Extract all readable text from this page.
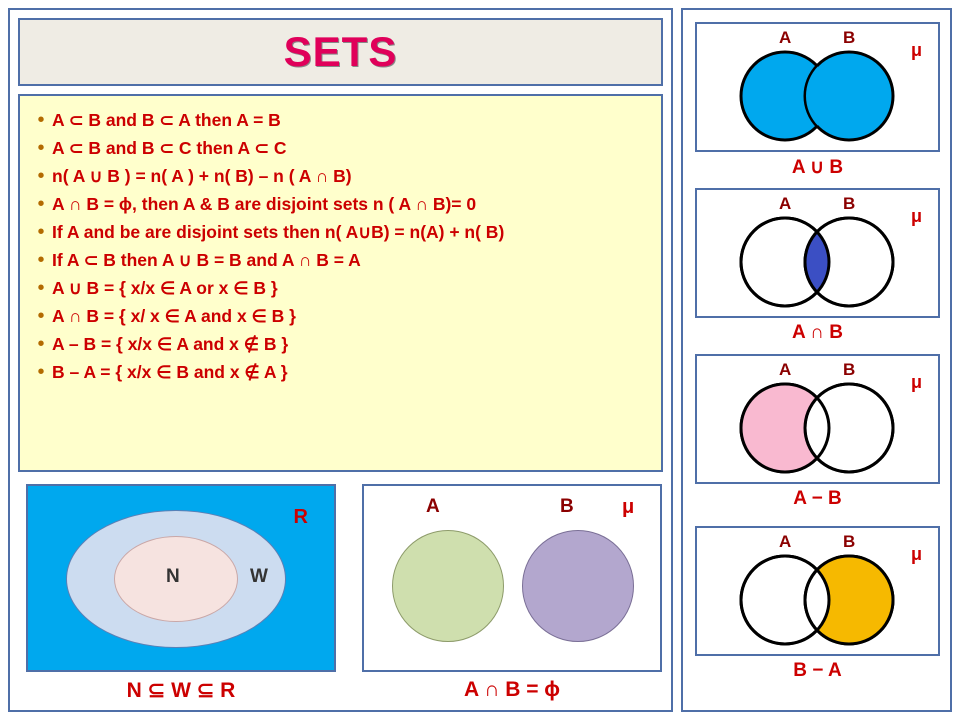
SETS
• A ⊂ B and B ⊂ A then A = B
• A ⊂ B and B ⊂ C then A ⊂ C
• n( A ∪ B ) = n( A ) + n( B) – n ( A ∩ B)
• A ∩ B = ϕ, then A & B are disjoint sets n ( A ∩ B)= 0
• If A and be are disjoint sets then n( A∪B) = n(A) + n( B)
• If A ⊂ B then A ∪ B = B and A ∩ B = A
• A ∪ B = { x/x ∈ A or x ∈ B }
• A ∩ B = { x/ x ∈ A and x ∈ B }
• A – B = { x/x ∈ A and x ∉ B }
• B – A = { x/x ∈ B and x ∉ A }
R
N	W
N ⊆ W ⊆ R
A	B μ
A ∩ B = ϕ
A	B
μ
A ∪ B
A	B
μ
A ∩ B
A	B
μ
A − B
A	B
μ
B − A
